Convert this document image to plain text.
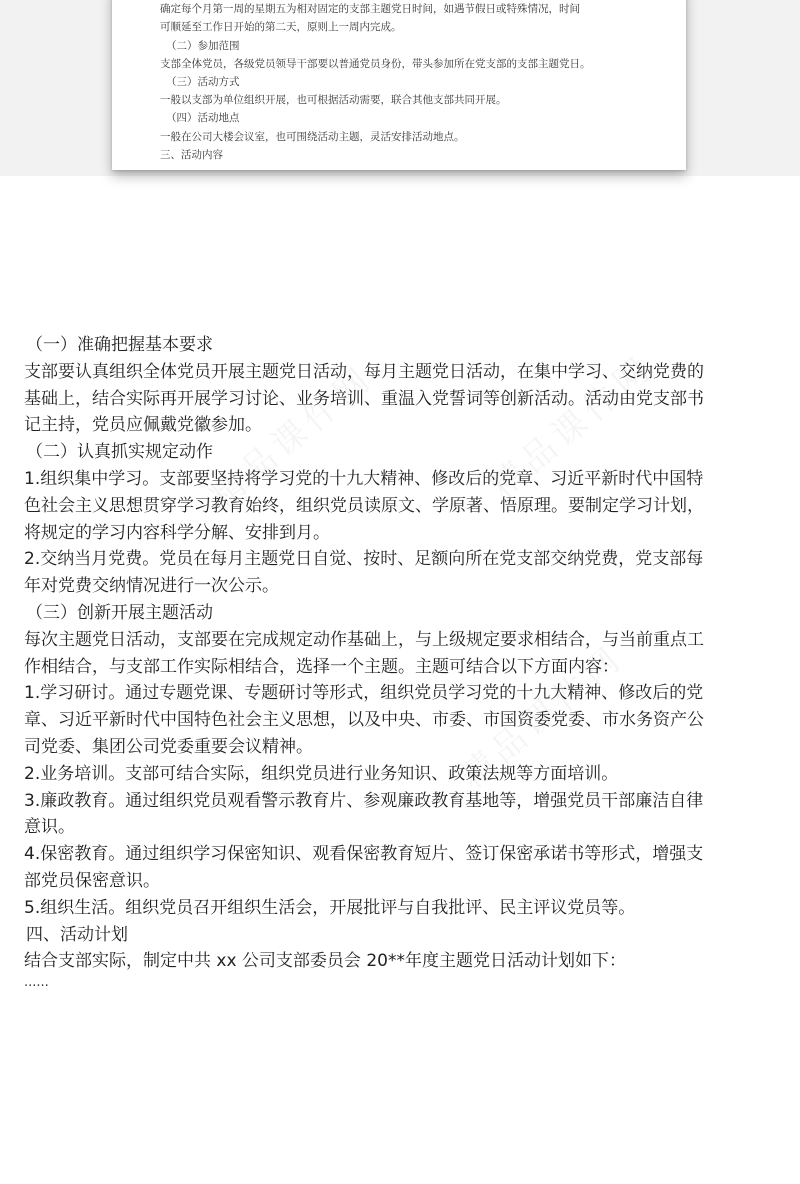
确定每个月第一周的星期五为相对固定的支部主题党日时间，如遇节假日或特殊情况，时间
可顺延至工作日开始的第二天，原则上一周内完成。
（二）参加范围
支部全体党员，各级党员领导干部要以普通党员身份，带头参加所在党支部的支部主题党日。
（三）活动方式
一般以支部为单位组织开展，也可根据活动需要，联合其他支部共同开展。
（四）活动地点
一般在公司大楼会议室，也可围绕活动主题，灵活安排活动地点。
三、活动内容
（一）准确把握基本要求
支部要认真组织全体党员开展主题党日活动，每月主题党日活动，在集中学习、交纳党费的
基础上，结合实际再开展学习讨论、业务培训、重温入党誓词等创新活动。活动由党支部书
记主持，党员应佩戴党徽参加。
（二）认真抓实规定动作
1.组织集中学习。支部要坚持将学习党的十九大精神、修改后的党章、习近平新时代中国特
色社会主义思想贯穿学习教育始终，组织党员读原文、学原著、悟原理。要制定学习计划，
将规定的学习内容科学分解、安排到月。
2.交纳当月党费。党员在每月主题党日自觉、按时、足额向所在党支部交纳党费，党支部每
年对党费交纳情况进行一次公示。
（三）创新开展主题活动
每次主题党日活动，支部要在完成规定动作基础上，与上级规定要求相结合，与当前重点工
作相结合，与支部工作实际相结合，选择一个主题。主题可结合以下方面内容：
1.学习研讨。通过专题党课、专题研讨等形式，组织党员学习党的十九大精神、修改后的党
章、习近平新时代中国特色社会主义思想，以及中央、市委、市国资委党委、市水务资产公
司党委、集团公司党委重要会议精神。
2.业务培训。支部可结合实际，组织党员进行业务知识、政策法规等方面培训。
3.廉政教育。通过组织党员观看警示教育片、参观廉政教育基地等，增强党员干部廉洁自律
意识。
4.保密教育。通过组织学习保密知识、观看保密教育短片、签订保密承诺书等形式，增强支
部党员保密意识。
5.组织生活。组织党员召开组织生活会，开展批评与自我批评、民主评议党员等。
四、活动计划
结合支部实际，制定中共 xx 公司支部委员会 20**年度主题党日活动计划如下：
......
